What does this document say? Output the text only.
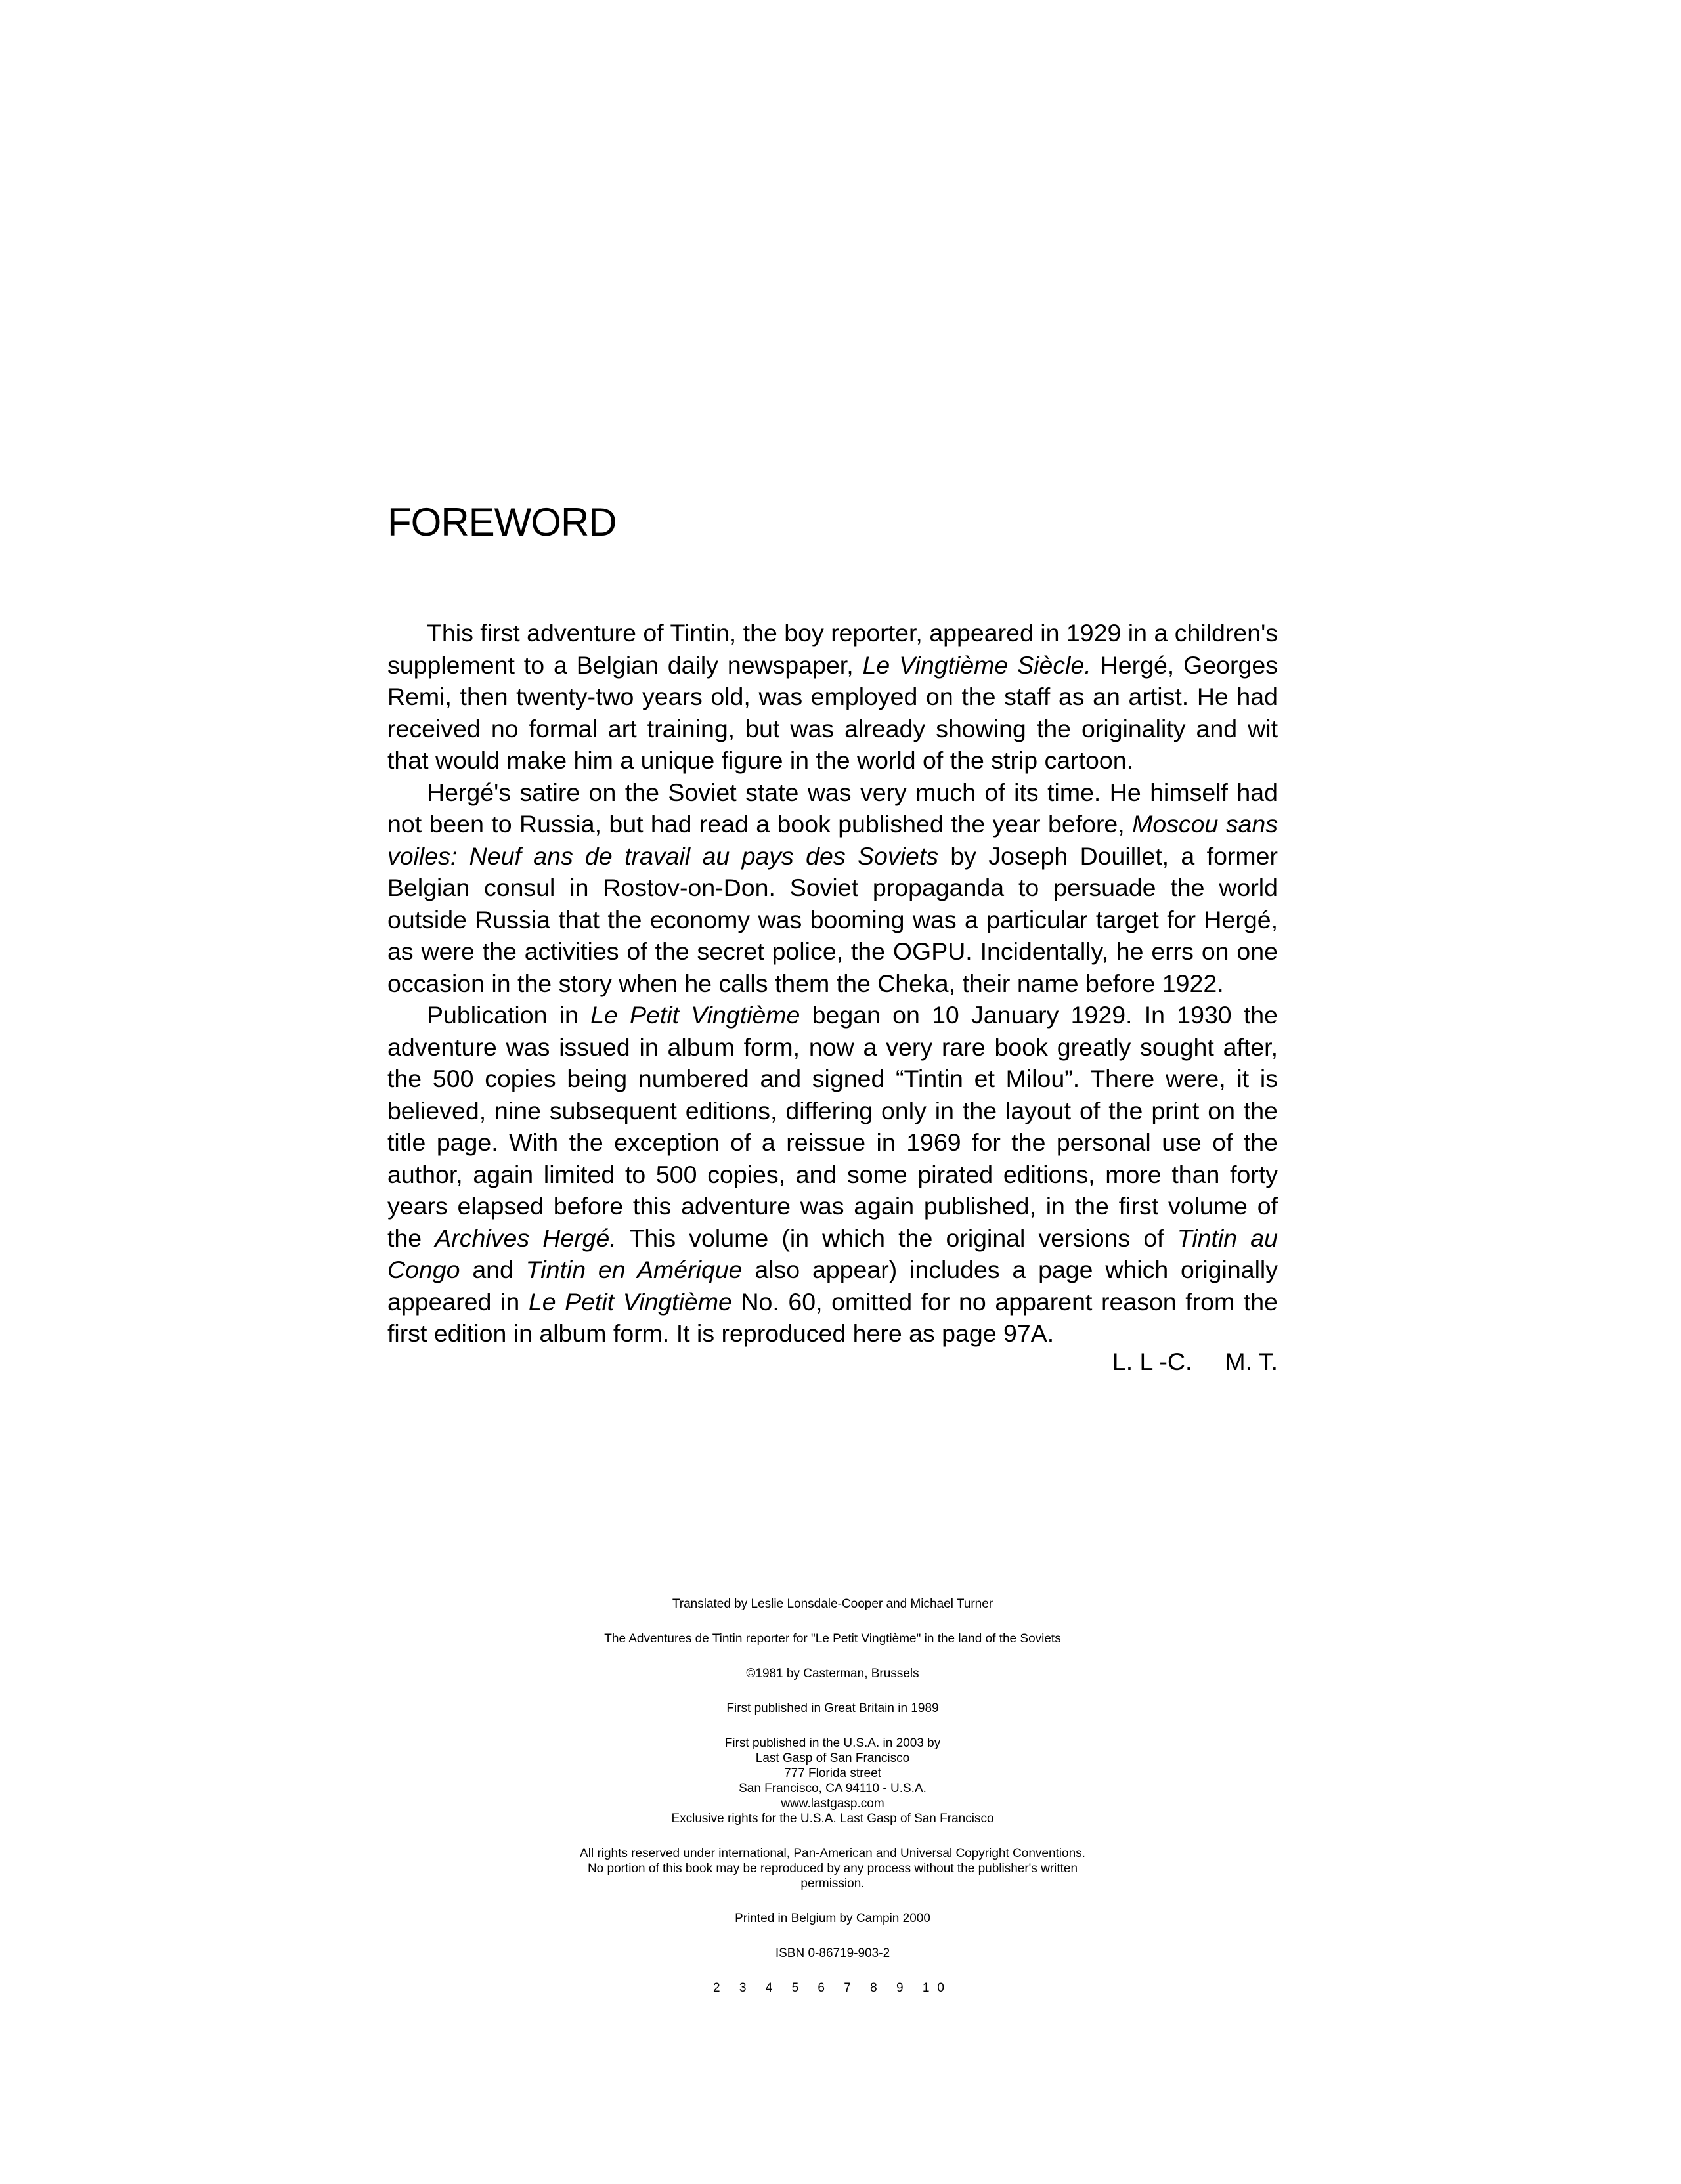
FOREWORD

This first adventure of Tintin, the boy reporter, appeared in 1929 in a children's supplement to a Belgian daily newspaper, Le Vingtième Siècle. Hergé, Georges Remi, then twenty-two years old, was employed on the staff as an artist. He had received no formal art training, but was already showing the originality and wit that would make him a unique figure in the world of the strip cartoon.

Hergé's satire on the Soviet state was very much of its time. He himself had not been to Russia, but had read a book published the year before, Moscou sans voiles: Neuf ans de travail au pays des Soviets by Joseph Douillet, a former Belgian consul in Rostov-on-Don. Soviet propaganda to persuade the world outside Russia that the economy was booming was a particular target for Hergé, as were the activities of the secret police, the OGPU. Incidentally, he errs on one occasion in the story when he calls them the Cheka, their name before 1922.

Publication in Le Petit Vingtième began on 10 January 1929. In 1930 the adventure was issued in album form, now a very rare book greatly sought after, the 500 copies being numbered and signed “Tintin et Milou”. There were, it is believed, nine subsequent editions, differing only in the layout of the print on the title page. With the exception of a reissue in 1969 for the personal use of the author, again limited to 500 copies, and some pirated editions, more than forty years elapsed before this adventure was again published, in the first volume of the Archives Hergé. This volume (in which the original versions of Tintin au Congo and Tintin en Amérique also appear) includes a page which originally appeared in Le Petit Vingtième No. 60, omitted for no apparent reason from the first edition in album form. It is reproduced here as page 97A.

L. L -C. M. T.
Translated by Leslie Lonsdale-Cooper and Michael Turner
The Adventures de Tintin reporter for "Le Petit Vingtième" in the land of the Soviets
©1981 by Casterman, Brussels
First published in Great Britain in 1989
First published in the U.S.A. in 2003 by
Last Gasp of San Francisco
777 Florida street
San Francisco, CA 94110 - U.S.A.
www.lastgasp.com
Exclusive rights for the U.S.A. Last Gasp of San Francisco
All rights reserved under international, Pan-American and Universal Copyright Conventions.
No portion of this book may be reproduced by any process without the publisher's written
permission.
Printed in Belgium by Campin 2000
ISBN 0-86719-903-2
2 3 4 5 6 7 8 9 10
